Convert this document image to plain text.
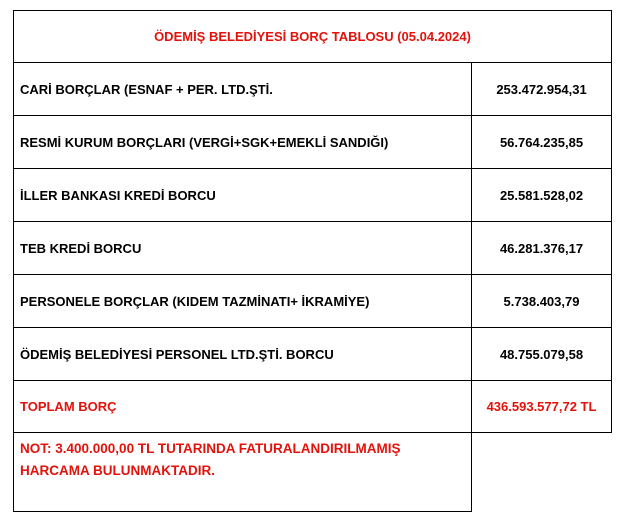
ÖDEMİŞ BELEDİYESİ BORÇ TABLOSU (05.04.2024)	
CARİ BORÇLAR (ESNAF + PER. LTD.ŞTİ.	253.472.954,31
RESMİ KURUM BORÇLARI (VERGİ+SGK+EMEKLİ SANDIĞI)	56.764.235,85
İLLER BANKASI KREDİ BORCU	25.581.528,02
TEB KREDİ BORCU	46.281.376,17
PERSONELE BORÇLAR (KIDEM TAZMİNATI+ İKRAMİYE)	5.738.403,79
ÖDEMİŞ BELEDİYESİ PERSONEL LTD.ŞTİ. BORCU	48.755.079,58
TOPLAM BORÇ	436.593.577,72 TL

NOT: 3.400.000,00 TL TUTARINDA FATURALANDIRILMAMIŞ
HARCAMA BULUNMAKTADIR.	
